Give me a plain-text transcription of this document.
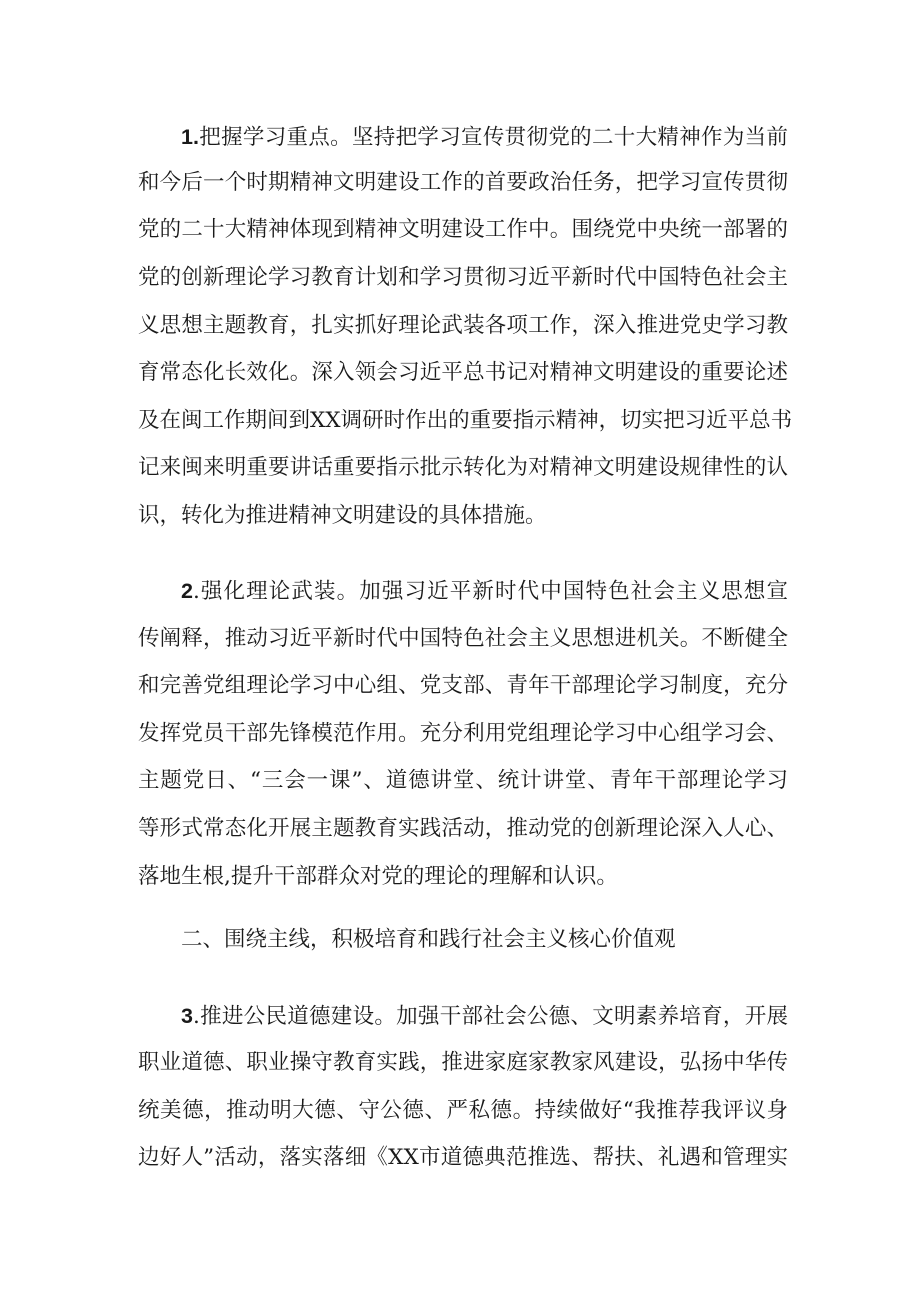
1.把握学习重点。坚持把学习宣传贯彻党的二十大精神作为当前
和今后一个时期精神文明建设工作的首要政治任务，把学习宣传贯彻
党的二十大精神体现到精神文明建设工作中。围绕党中央统一部署的
党的创新理论学习教育计划和学习贯彻习近平新时代中国特色社会主
义思想主题教育，扎实抓好理论武装各项工作，深入推进党史学习教
育常态化长效化。深入领会习近平总书记对精神文明建设的重要论述
及在闽工作期间到XX调研时作出的重要指示精神，切实把习近平总书
记来闽来明重要讲话重要指示批示转化为对精神文明建设规律性的认
识，转化为推进精神文明建设的具体措施。
2.强化理论武装。加强习近平新时代中国特色社会主义思想宣
传阐释，推动习近平新时代中国特色社会主义思想进机关。不断健全
和完善党组理论学习中心组、党支部、青年干部理论学习制度，充分
发挥党员干部先锋模范作用。充分利用党组理论学习中心组学习会、
主题党日、“三会一课”、道德讲堂、统计讲堂、青年干部理论学习
等形式常态化开展主题教育实践活动，推动党的创新理论深入人心、
落地生根,提升干部群众对党的理论的理解和认识。
二、围绕主线，积极培育和践行社会主义核心价值观
3.推进公民道德建设。加强干部社会公德、文明素养培育，开展
职业道德、职业操守教育实践，推进家庭家教家风建设，弘扬中华传
统美德，推动明大德、守公德、严私德。持续做好“我推荐我评议身
边好人”活动，落实落细《XX市道德典范推选、帮扶、礼遇和管理实
